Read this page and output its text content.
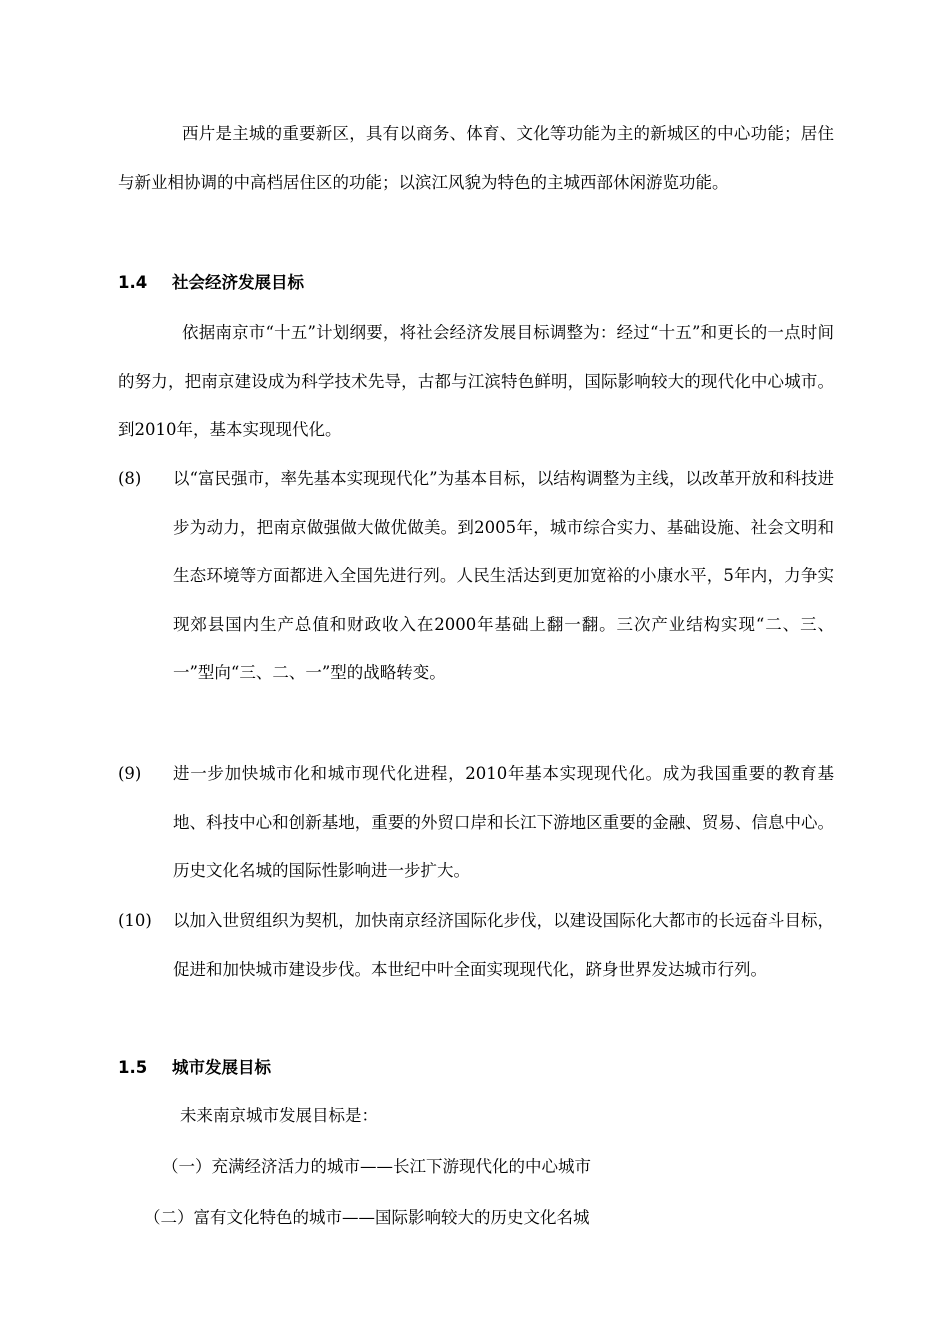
西片是主城的重要新区，具有以商务、体育、文化等功能为主的新城区的中心功能；居住与新业相协调的中高档居住区的功能；以滨江风貌为特色的主城西部休闲游览功能。
1.4 社会经济发展目标
依据南京市“十五”计划纲要，将社会经济发展目标调整为：经过“十五”和更长的一点时间的努力，把南京建设成为科学技术先导，古都与江滨特色鲜明，国际影响较大的现代化中心城市。到2010年，基本实现现代化。
(8) 以“富民强市，率先基本实现现代化”为基本目标，以结构调整为主线，以改革开放和科技进步为动力，把南京做强做大做优做美。到2005年，城市综合实力、基础设施、社会文明和生态环境等方面都进入全国先进行列。人民生活达到更加宽裕的小康水平，5年内，力争实现郊县国内生产总值和财政收入在2000年基础上翻一翻。三次产业结构实现“二、三、一”型向“三、二、一”型的战略转变。
(9) 进一步加快城市化和城市现代化进程，2010年基本实现现代化。成为我国重要的教育基地、科技中心和创新基地，重要的外贸口岸和长江下游地区重要的金融、贸易、信息中心。历史文化名城的国际性影响进一步扩大。
(10) 以加入世贸组织为契机，加快南京经济国际化步伐，以建设国际化大都市的长远奋斗目标，促进和加快城市建设步伐。本世纪中叶全面实现现代化，跻身世界发达城市行列。
1.5 城市发展目标
未来南京城市发展目标是：
（一）充满经济活力的城市——长江下游现代化的中心城市
（二）富有文化特色的城市——国际影响较大的历史文化名城
